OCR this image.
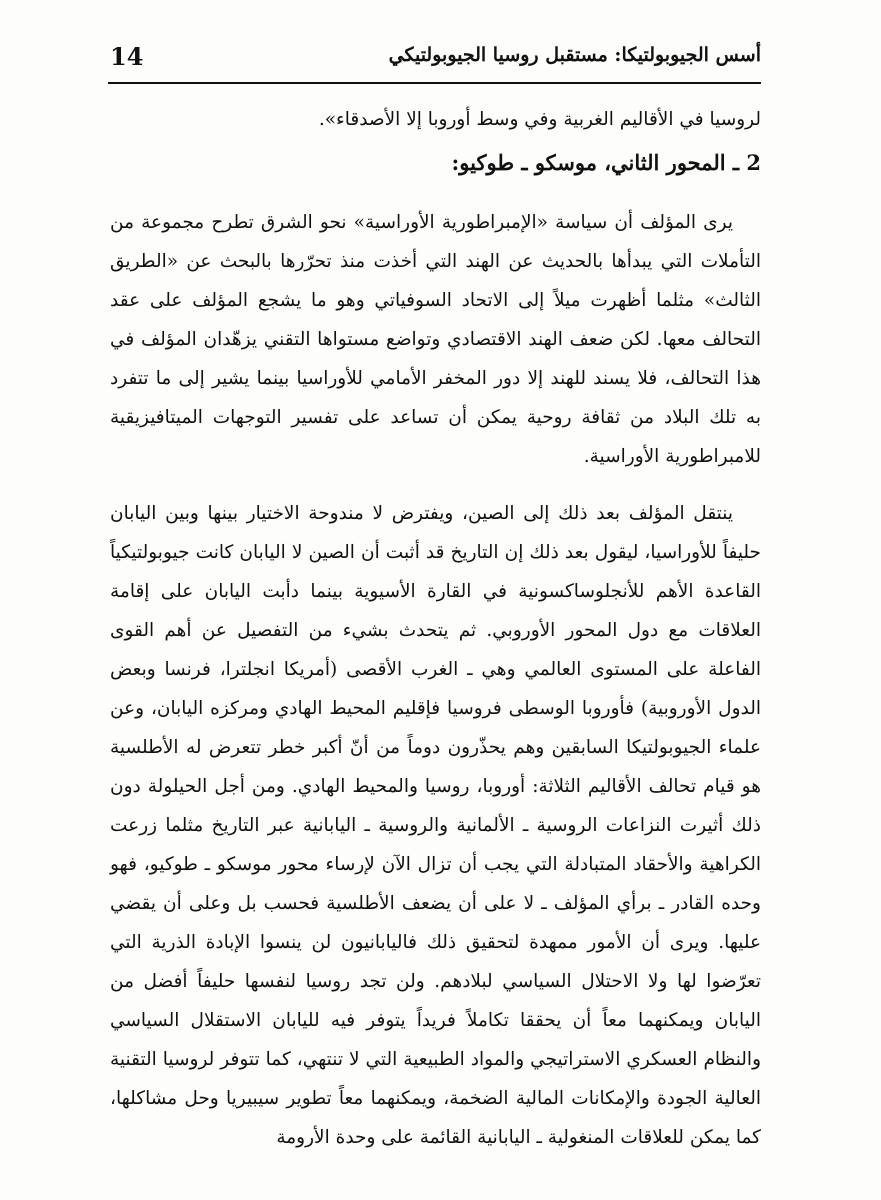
14	أسس الجيوبولتيكا: مستقبل روسيا الجيوبولتيكي

لروسيا في الأقاليم الغربية وفي وسط أوروبا إلا الأصدقاء».

2 ـ المحور الثاني، موسكو ـ طوكيو:

يرى المؤلف أن سياسة «الإمبراطورية الأوراسية» نحو الشرق تطرح مجموعة من التأملات التي يبدأها بالحديث عن الهند التي أخذت منذ تحرّرها بالبحث عن «الطريق الثالث» مثلما أظهرت ميلاً إلى الاتحاد السوفياتي وهو ما يشجع المؤلف على عقد التحالف معها. لكن ضعف الهند الاقتصادي وتواضع مستواها التقني يزهّدان المؤلف في هذا التحالف، فلا يسند للهند إلا دور المخفر الأمامي للأوراسيا بينما يشير إلى ما تتفرد به تلك البلاد من ثقافة روحية يمكن أن تساعد على تفسير التوجهات الميتافيزيقية للامبراطورية الأوراسية.

ينتقل المؤلف بعد ذلك إلى الصين، ويفترض لا مندوحة الاختيار بينها وبين اليابان حليفاً للأوراسيا، ليقول بعد ذلك إن التاريخ قد أثبت أن الصين لا اليابان كانت جيوبولتيكياً القاعدة الأهم للأنجلوساكسونية في القارة الأسيوية بينما دأبت اليابان على إقامة العلاقات مع دول المحور الأوروبي. ثم يتحدث بشيء من التفصيل عن أهم القوى الفاعلة على المستوى العالمي وهي ـ الغرب الأقصى (أمريكا انجلترا، فرنسا وبعض الدول الأوروبية) فأوروبا الوسطى فروسيا فإقليم المحيط الهادي ومركزه اليابان، وعن علماء الجيوبولتيكا السابقين وهم يحذّرون دوماً من أنّ أكبر خطر تتعرض له الأطلسية هو قيام تحالف الأقاليم الثلاثة: أوروبا، روسيا والمحيط الهادي. ومن أجل الحيلولة دون ذلك أثيرت النزاعات الروسية ـ الألمانية والروسية ـ اليابانية عبر التاريخ مثلما زرعت الكراهية والأحقاد المتبادلة التي يجب أن تزال الآن لإرساء محور موسكو ـ طوكيو، فهو وحده القادر ـ برأي المؤلف ـ لا على أن يضعف الأطلسية فحسب بل وعلى أن يقضي عليها. ويرى أن الأمور ممهدة لتحقيق ذلك فاليابانيون لن ينسوا الإبادة الذرية التي تعرّضوا لها ولا الاحتلال السياسي لبلادهم. ولن تجد روسيا لنفسها حليفاً أفضل من اليابان ويمكنهما معاً أن يحققا تكاملاً فريداً يتوفر فيه لليابان الاستقلال السياسي والنظام العسكري الاستراتيجي والمواد الطبيعية التي لا تنتهي، كما تتوفر لروسيا التقنية العالية الجودة والإمكانات المالية الضخمة، ويمكنهما معاً تطوير سيبيريا وحل مشاكلها، كما يمكن للعلاقات المنغولية ـ اليابانية القائمة على وحدة الأرومة
